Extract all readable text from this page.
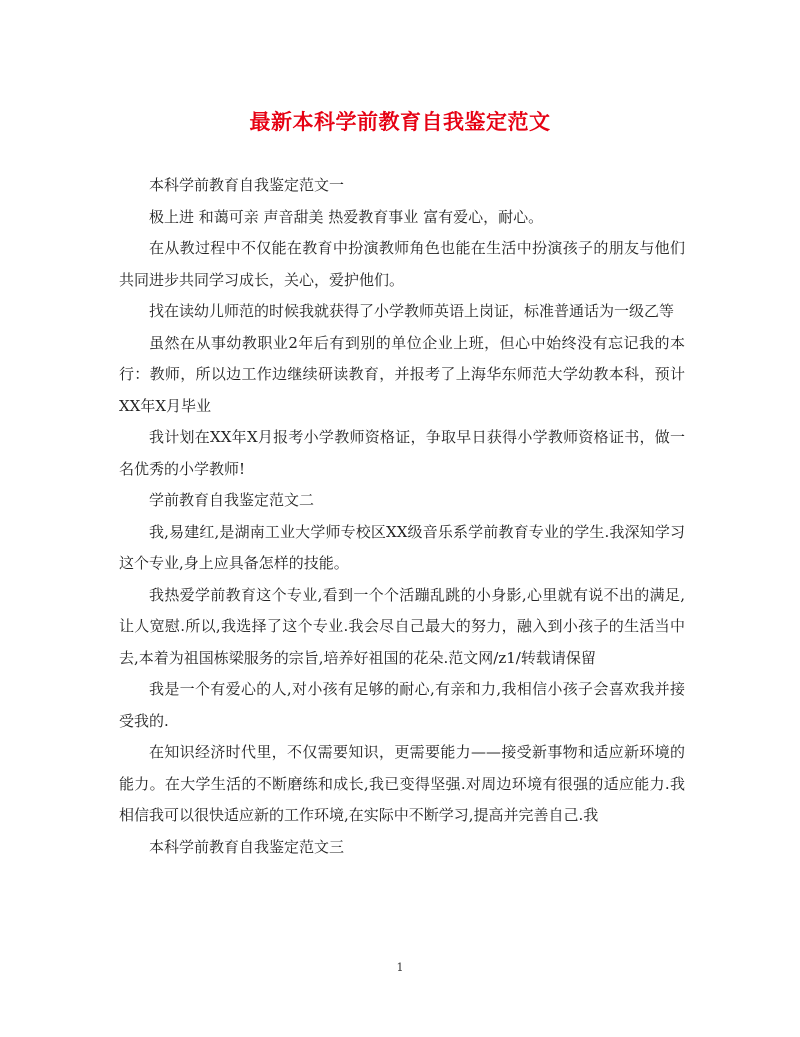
最新本科学前教育自我鉴定范文

本科学前教育自我鉴定范文一

极上进 和蔼可亲 声音甜美 热爱教育事业 富有爱心，耐心。

在从教过程中不仅能在教育中扮演教师角色也能在生活中扮演孩子的朋友与他们共同进步共同学习成长，关心，爱护他们。

找在读幼儿师范的时候我就获得了小学教师英语上岗证，标准普通话为一级乙等

虽然在从事幼教职业2年后有到别的单位企业上班，但心中始终没有忘记我的本行：教师，所以边工作边继续研读教育，并报考了上海华东师范大学幼教本科，预计XX年X月毕业

我计划在XX年X月报考小学教师资格证，争取早日获得小学教师资格证书，做一名优秀的小学教师!

学前教育自我鉴定范文二

我,易建红,是湖南工业大学师专校区XX级音乐系学前教育专业的学生.我深知学习这个专业,身上应具备怎样的技能。

我热爱学前教育这个专业,看到一个个活蹦乱跳的小身影,心里就有说不出的满足,让人宽慰.所以,我选择了这个专业.我会尽自己最大的努力，融入到小孩子的生活当中去,本着为祖国栋梁服务的宗旨,培养好祖国的花朵.范文网/z1/转载请保留

我是一个有爱心的人,对小孩有足够的耐心,有亲和力,我相信小孩子会喜欢我并接受我的.

在知识经济时代里，不仅需要知识，更需要能力——接受新事物和适应新环境的能力。在大学生活的不断磨练和成长,我已变得坚强.对周边环境有很强的适应能力.我相信我可以很快适应新的工作环境,在实际中不断学习,提高并完善自己.我

本科学前教育自我鉴定范文三

1
